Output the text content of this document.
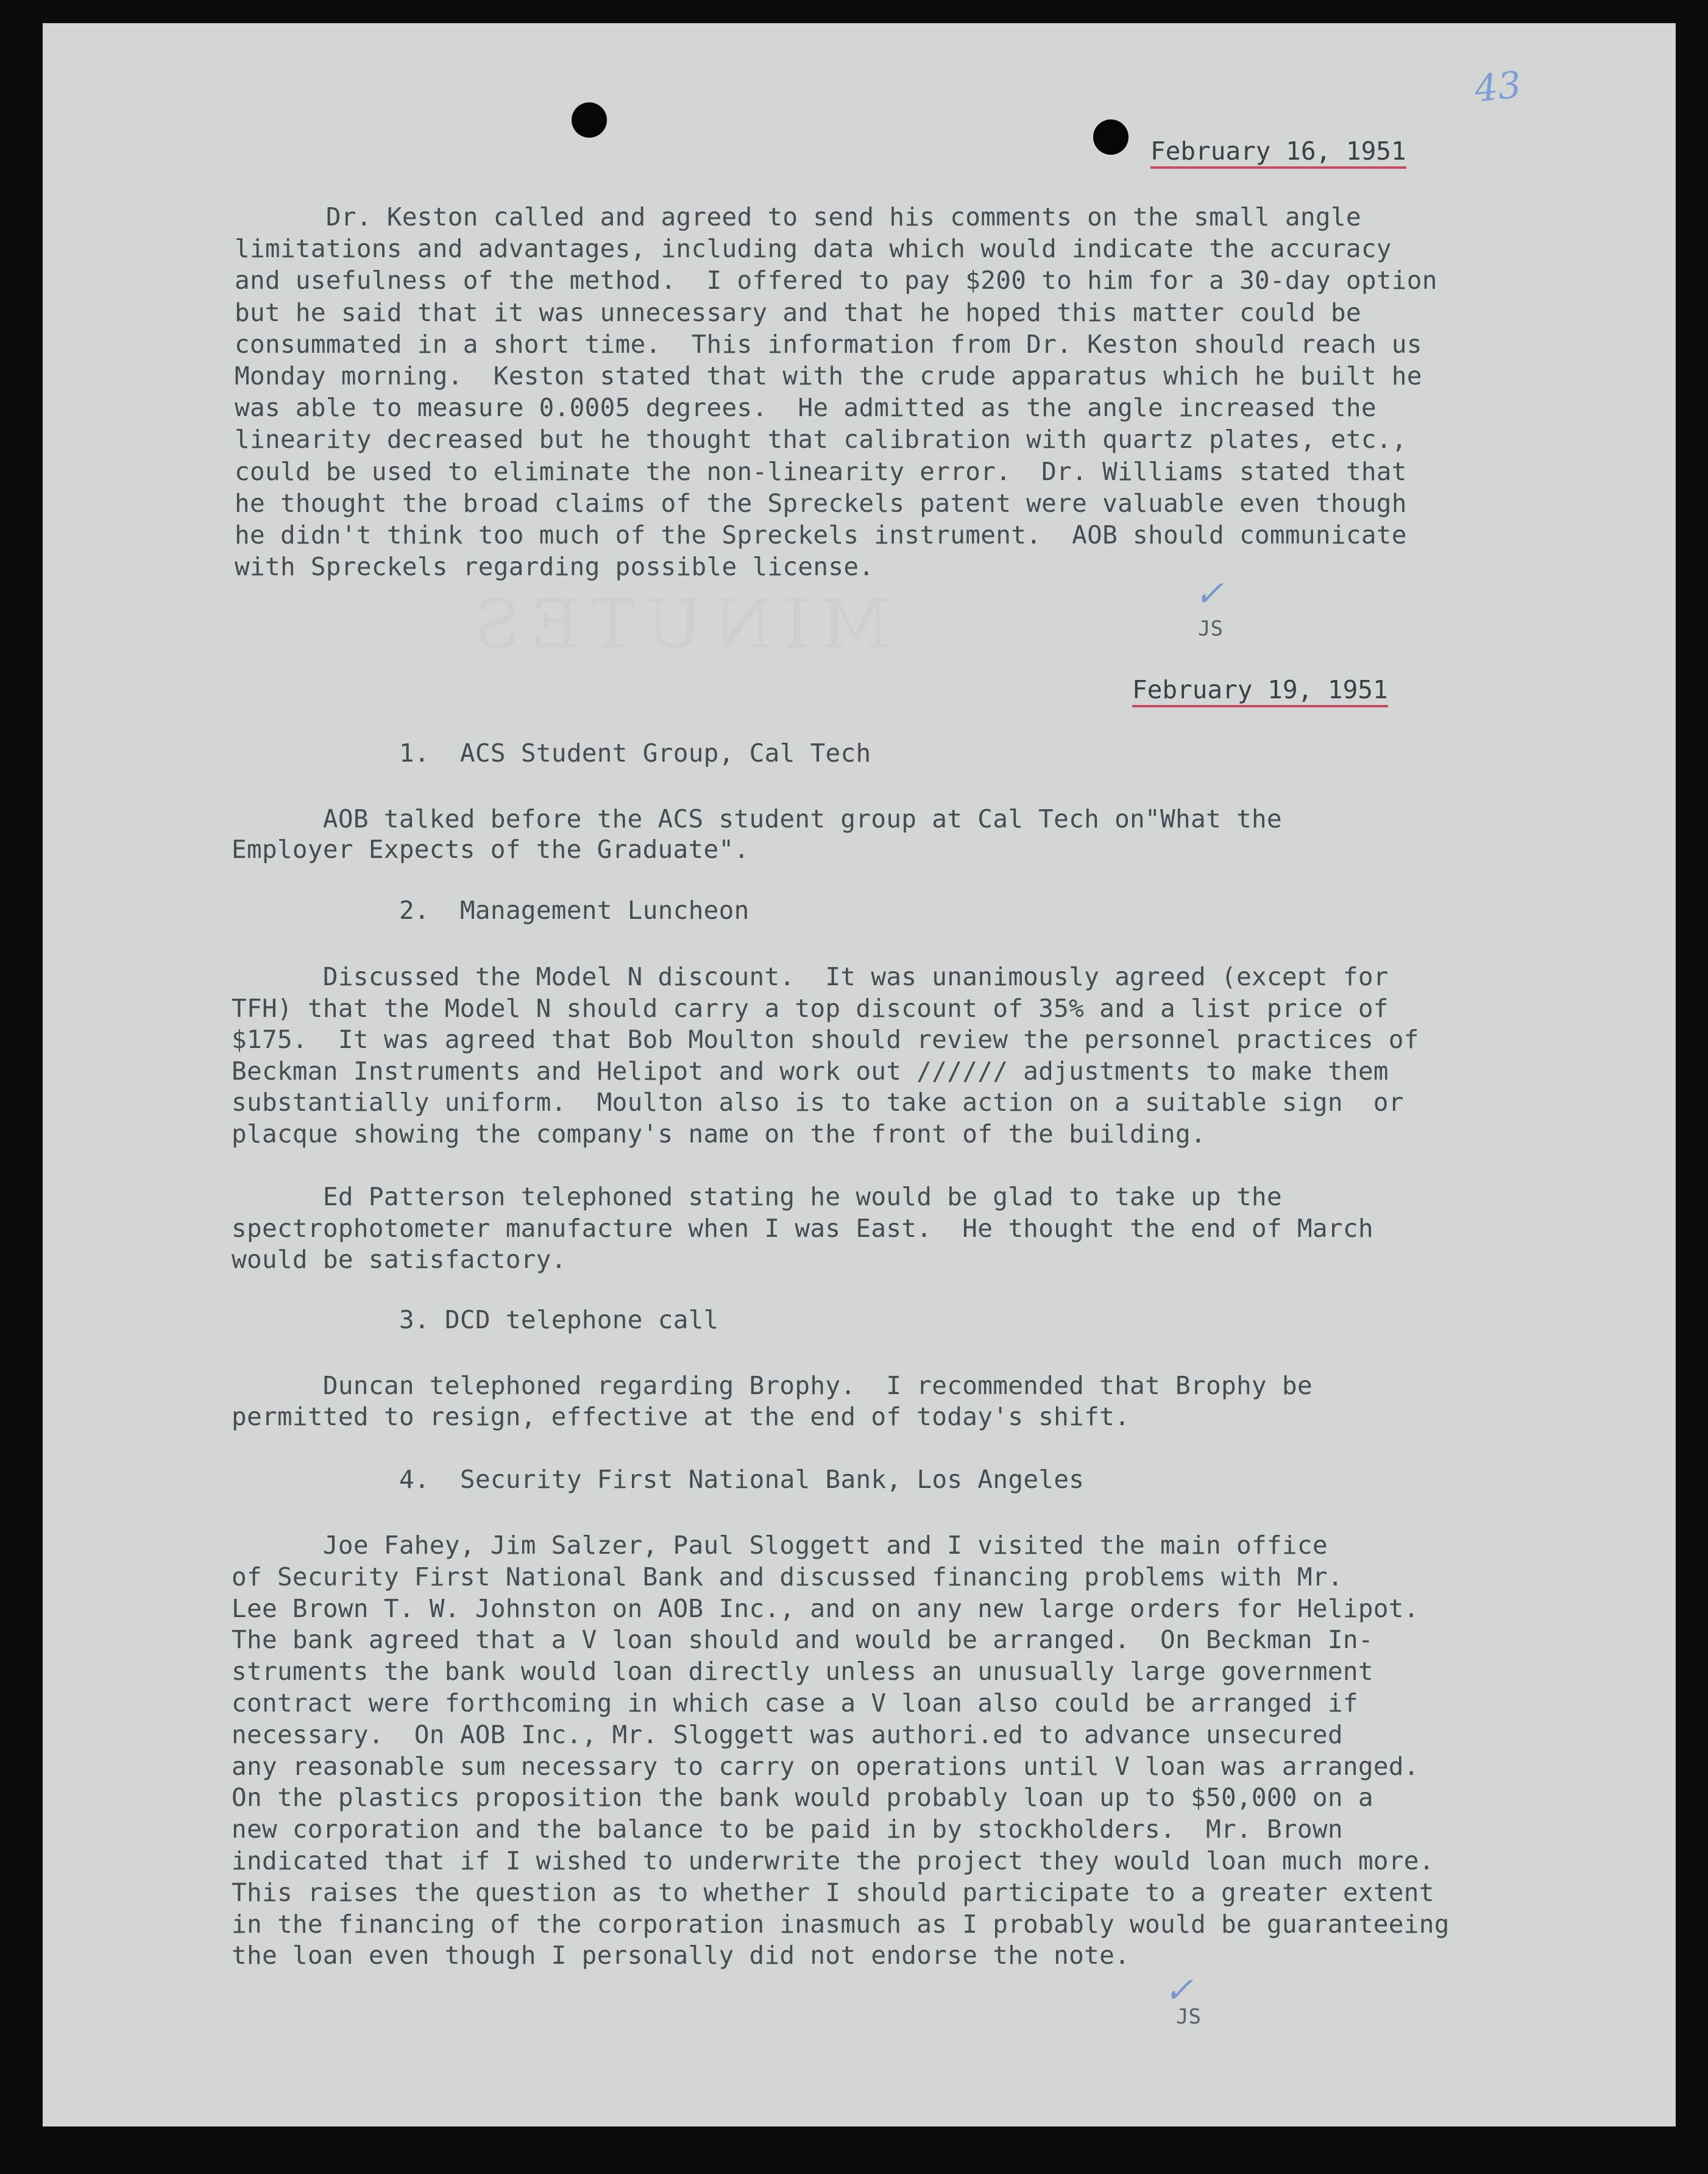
43
February 16, 1951
Dr. Keston called and agreed to send his comments on the small angle
limitations and advantages, including data which would indicate the accuracy
and usefulness of the method.  I offered to pay $200 to him for a 30-day option
but he said that it was unnecessary and that he hoped this matter could be
consummated in a short time.  This information from Dr. Keston should reach us
Monday morning.  Keston stated that with the crude apparatus which he built he
was able to measure 0.0005 degrees.  He admitted as the angle increased the
linearity decreased but he thought that calibration with quartz plates, etc.,
could be used to eliminate the non-linearity error.  Dr. Williams stated that
he thought the broad claims of the Spreckels patent were valuable even though
he didn't think too much of the Spreckels instrument.  AOB should communicate
with Spreckels regarding possible license.
MINUTES	✓
JS
February 19, 1951
1.  ACS Student Group, Cal Tech
AOB talked before the ACS student group at Cal Tech on"What the
Employer Expects of the Graduate".
2.  Management Luncheon
Discussed the Model N discount.  It was unanimously agreed (except for
TFH) that the Model N should carry a top discount of 35% and a list price of
$175.  It was agreed that Bob Moulton should review the personnel practices of
Beckman Instruments and Helipot and work out ////// adjustments to make them
substantially uniform.  Moulton also is to take action on a suitable sign  or
placque showing the company's name on the front of the building.
Ed Patterson telephoned stating he would be glad to take up the
spectrophotometer manufacture when I was East.  He thought the end of March
would be satisfactory.
3. DCD telephone call
Duncan telephoned regarding Brophy.  I recommended that Brophy be
permitted to resign, effective at the end of today's shift.
4.  Security First National Bank, Los Angeles
Joe Fahey, Jim Salzer, Paul Sloggett and I visited the main office
of Security First National Bank and discussed financing problems with Mr.
Lee Brown T. W. Johnston on AOB Inc., and on any new large orders for Helipot.
The bank agreed that a V loan should and would be arranged.  On Beckman In-
struments the bank would loan directly unless an unusually large government
contract were forthcoming in which case a V loan also could be arranged if
necessary.  On AOB Inc., Mr. Sloggett was authori.ed to advance unsecured
any reasonable sum necessary to carry on operations until V loan was arranged.
On the plastics proposition the bank would probably loan up to $50,000 on a
new corporation and the balance to be paid in by stockholders.  Mr. Brown
indicated that if I wished to underwrite the project they would loan much more.
This raises the question as to whether I should participate to a greater extent
in the financing of the corporation inasmuch as I probably would be guaranteeing
the loan even though I personally did not endorse the note.
✓
JS
